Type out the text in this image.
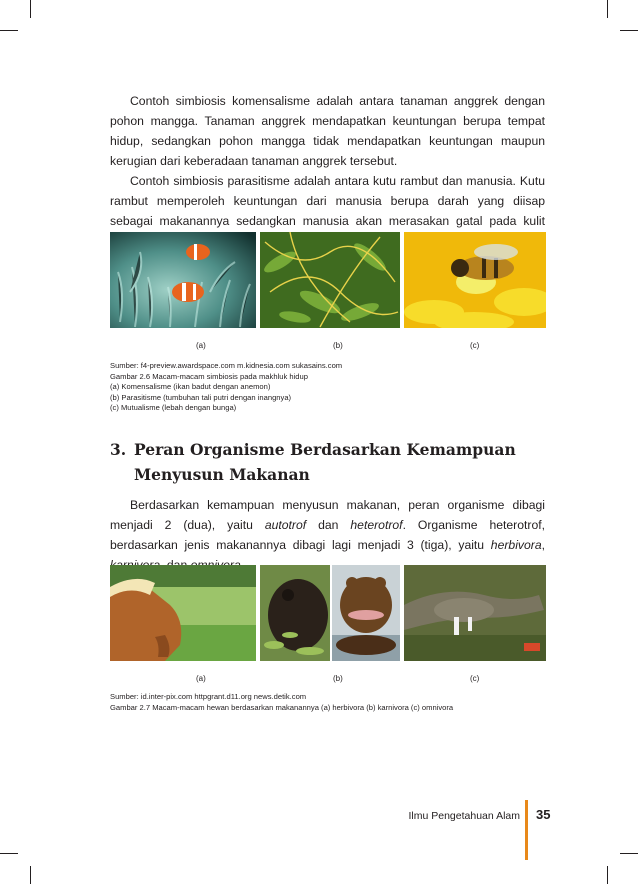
Contoh simbiosis komensalisme adalah antara tanaman anggrek dengan pohon mangga. Tanaman anggrek mendapatkan keuntungan berupa tempat hidup, sedangkan pohon mangga tidak mendapatkan keuntungan maupun kerugian dari keberadaan tanaman anggrek tersebut.

Contoh simbiosis parasitisme adalah antara kutu rambut dan manusia. Kutu rambut memperoleh keuntungan dari manusia berupa darah yang diisap sebagai makanannya sedangkan manusia akan merasakan gatal pada kulit

(a)	(b)	(c)
Sumber: f4-preview.awardspace.com m.kidnesia.com sukasains.com
Gambar 2.6 Macam-macam simbiosis pada makhluk hidup
(a) Komensalisme (ikan badut dengan anemon)
(b) Parasitisme (tumbuhan tali putri dengan inangnya)
(c) Mutualisme (lebah dengan bunga)
3. Peran Organisme Berdasarkan Kemampuan
Menyusun Makanan

Berdasarkan kemampuan menyusun makanan, peran organisme dibagi menjadi 2 (dua), yaitu autotrof dan heterotrof. Organisme heterotrof, berdasarkan jenis makanannya dibagi lagi menjadi 3 (tiga), yaitu herbivora,

(a)	(b)	(c)
Sumber: id.inter-pix.com httpgrant.d11.org news.detik.com
Gambar 2.7 Macam-macam hewan berdasarkan makanannya (a) herbivora (b) karnivora (c) omnivora
Ilmu Pengetahuan Alam 35
